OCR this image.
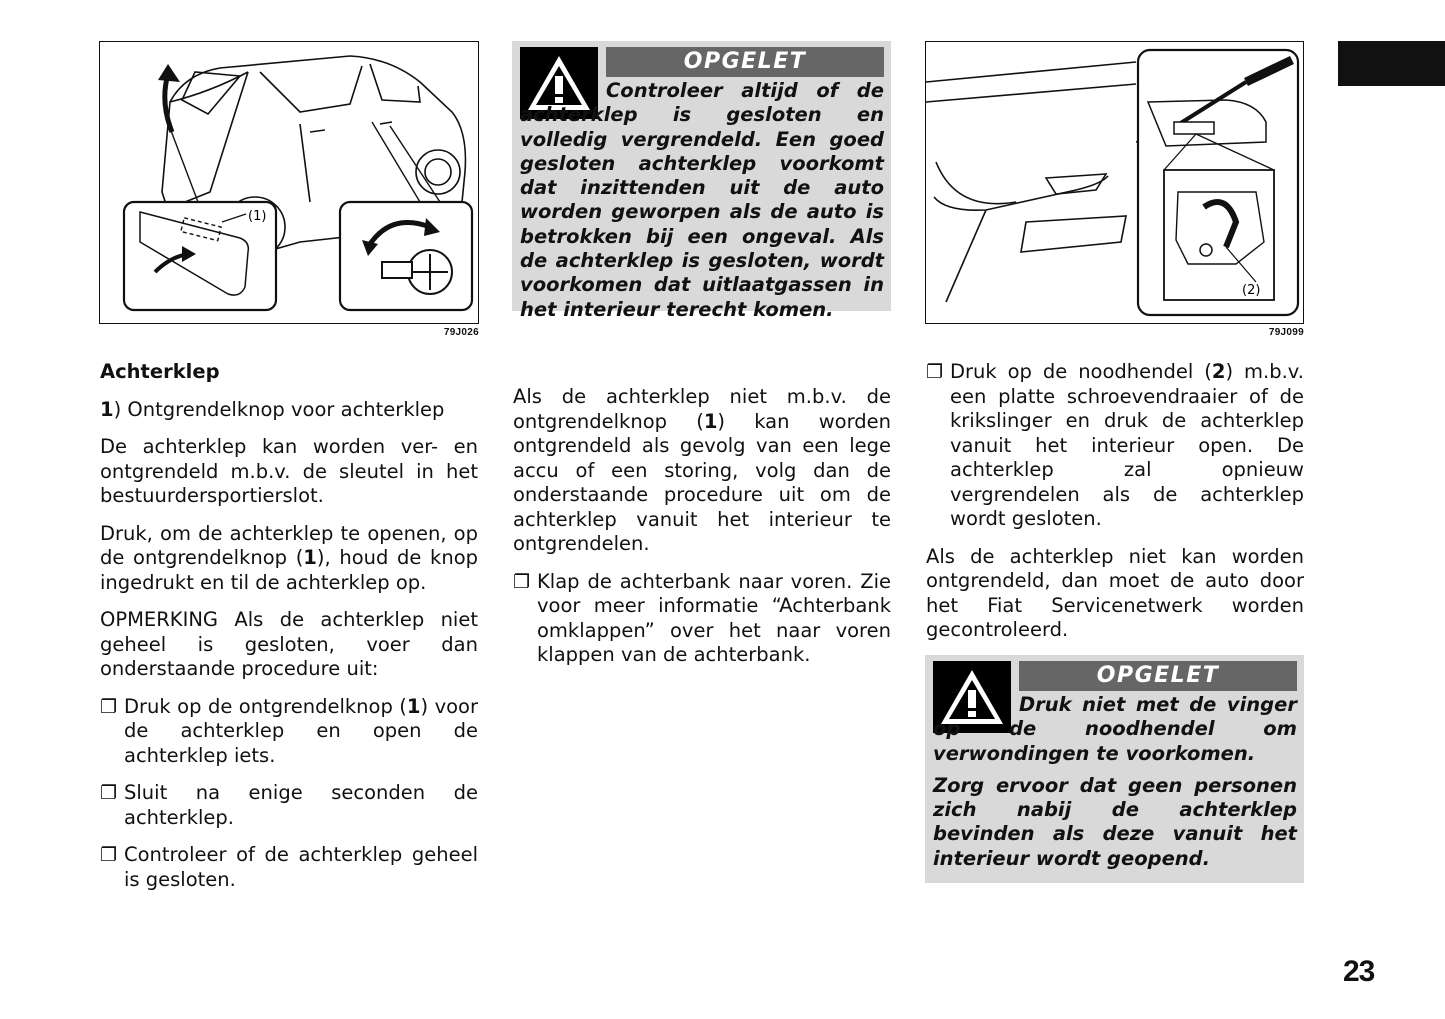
(1)
79J026
OPGELET
Controleer altijd of de achterklep is gesloten en volledig vergrendeld. Een goed gesloten achterklep voorkomt dat inzittenden uit de auto worden geworpen als de auto is betrokken bij een ongeval. Als de achterklep is gesloten, wordt voorkomen dat uitlaatgassen in het interieur terecht komen.
(2)
79J099

Achterklep

1) Ontgrendelknop voor achterklep

De achterklep kan worden ver- en ontgrendeld m.b.v. de sleutel in het bestuurdersportierslot.

Druk, om de achterklep te openen, op de ontgrendelknop (1), houd de knop ingedrukt en til de achterklep op.

OPMERKING Als de achterklep niet geheel is gesloten, voer dan onderstaande procedure uit:

❐ Druk op de ontgrendelknop (1) voor de achterklep en open de achterklep iets.
❐ Sluit na enige seconden de achterklep.
❐ Controleer of de achterklep geheel is gesloten.

Als de achterklep niet m.b.v. de ontgrendelknop (1) kan worden ontgrendeld als gevolg van een lege accu of een storing, volg dan de onderstaande procedure uit om de achterklep vanuit het interieur te ontgrendelen.

❐ Klap de achterbank naar voren. Zie voor meer informatie “Achterbank omklappen” over het naar voren klappen van de achterbank.
❐ Druk op de noodhendel (2) m.b.v. een platte schroevendraaier of de krikslinger en druk de achterklep vanuit het interieur open. De achterklep zal opnieuw vergrendelen als de achterklep wordt gesloten.

Als de achterklep niet kan worden ontgrendeld, dan moet de auto door het Fiat Servicenetwerk worden gecontroleerd.

OPGELET
Druk niet met de vinger op de noodhendel om verwondingen te voorkomen.
Zorg ervoor dat geen personen zich nabij de achterklep bevinden als deze vanuit het interieur wordt geopend.
23
